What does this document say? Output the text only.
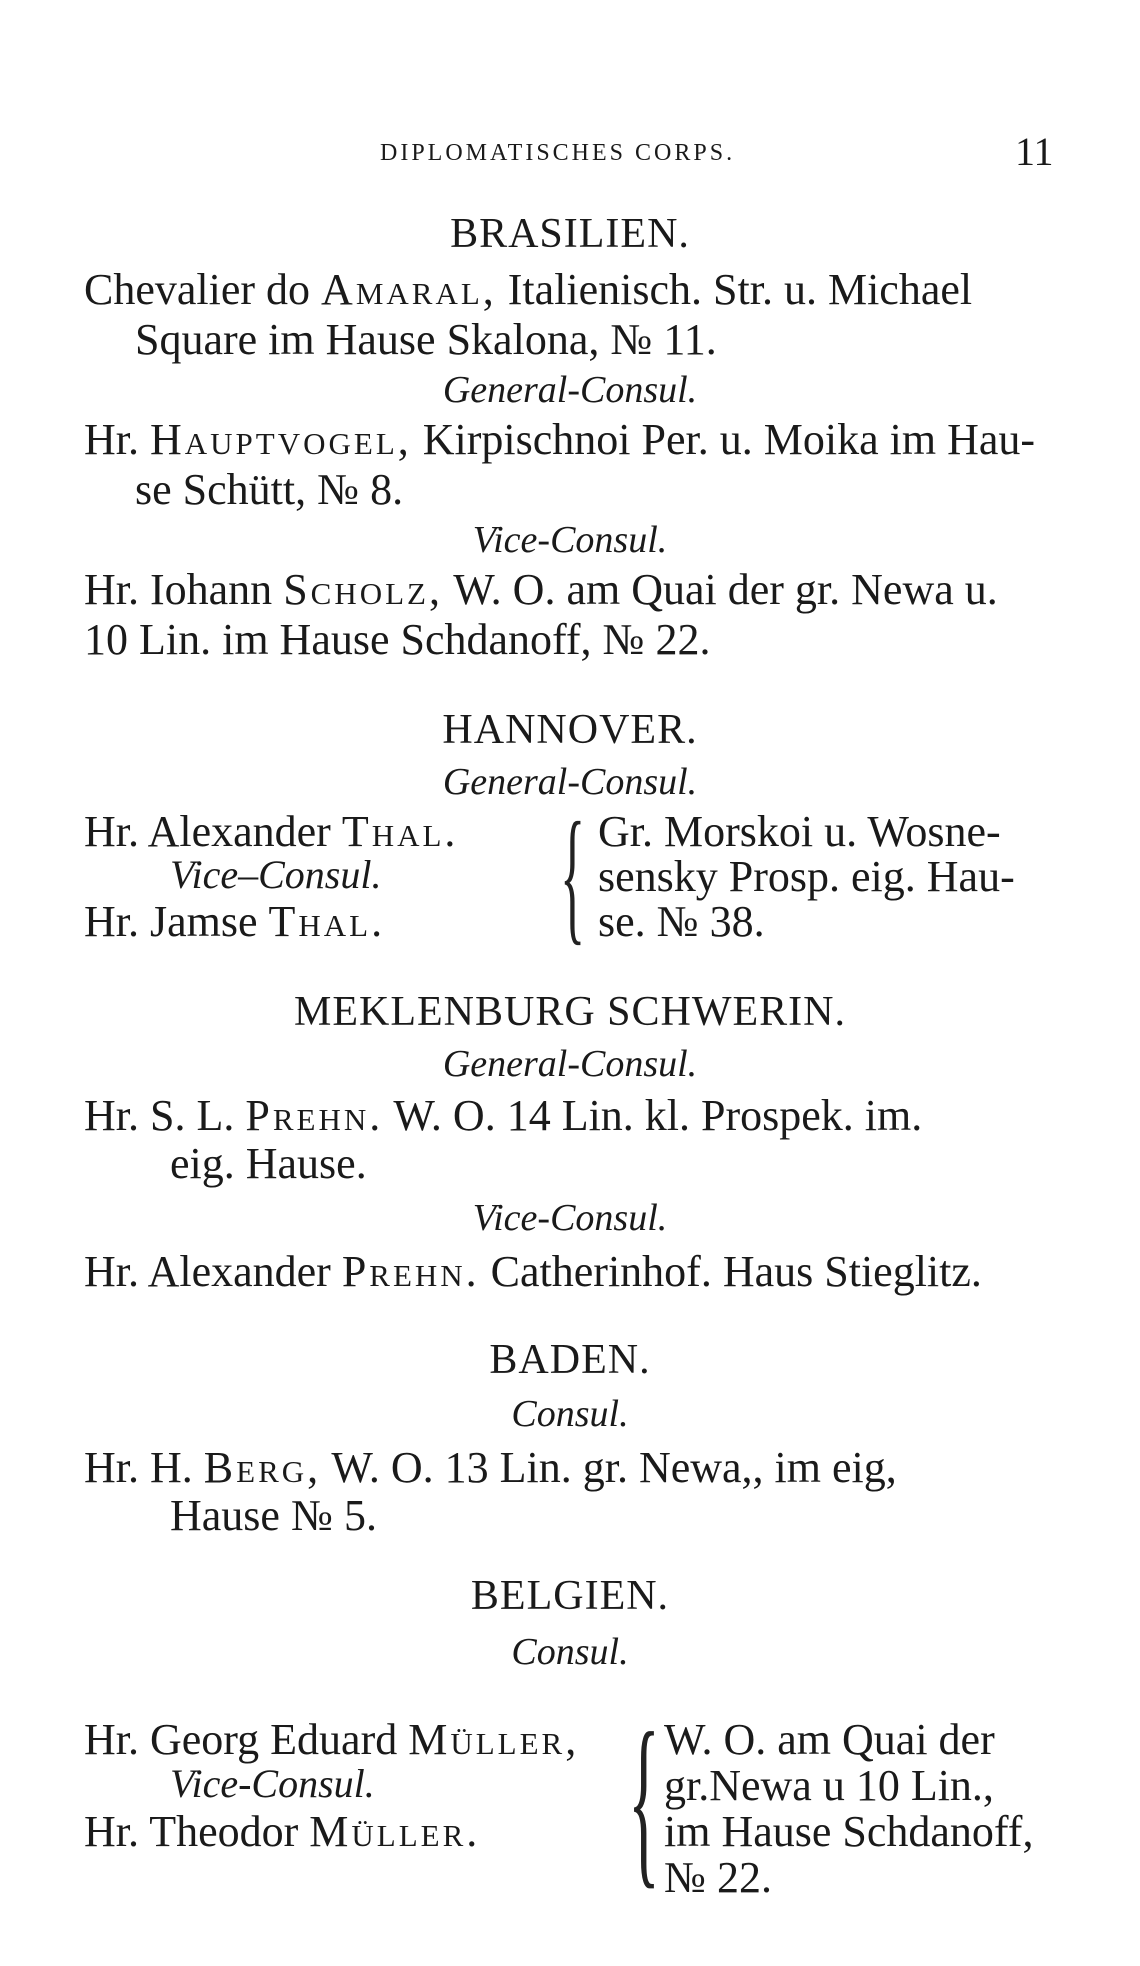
DIPLOMATISCHES CORPS.	11
BRASILIEN.
Chevalier do Amaral, Italienisch. Str. u. Michael
Square im Hause Skalona, № 11.
General-Consul.
Hr. Hauptvogel, Kirpischnoi Per. u. Moika im Hau-
se Schütt, № 8.
Vice-Consul.
Hr. Iohann Scholz, W. O. am Quai der gr. Newa u.
10 Lin. im Hause Schdanoff, № 22.
HANNOVER.
General-Consul.
Hr. Alexander Thal.
Vice–Consul.
Hr. Jamse Thal. { Gr. Morskoi u. Wosne-
sensky Prosp. eig. Hau-
se. № 38.
MEKLENBURG SCHWERIN.
General-Consul.
Hr. S. L. Prehn. W. O. 14 Lin. kl. Prospek. im.
eig. Hause.
Vice-Consul.
Hr. Alexander Prehn. Catherinhof. Haus Stieglitz.
BADEN.
Consul.
Hr. H. Berg, W. O. 13 Lin. gr. Newa,, im eig,
Hause № 5.
BELGIEN.
Consul.
Hr. Georg Eduard Müller,
Vice-Consul.
Hr. Theodor Müller. { W. O. am Quai der
gr.Newa u 10 Lin.,
im Hause Schdanoff,
№ 22.
